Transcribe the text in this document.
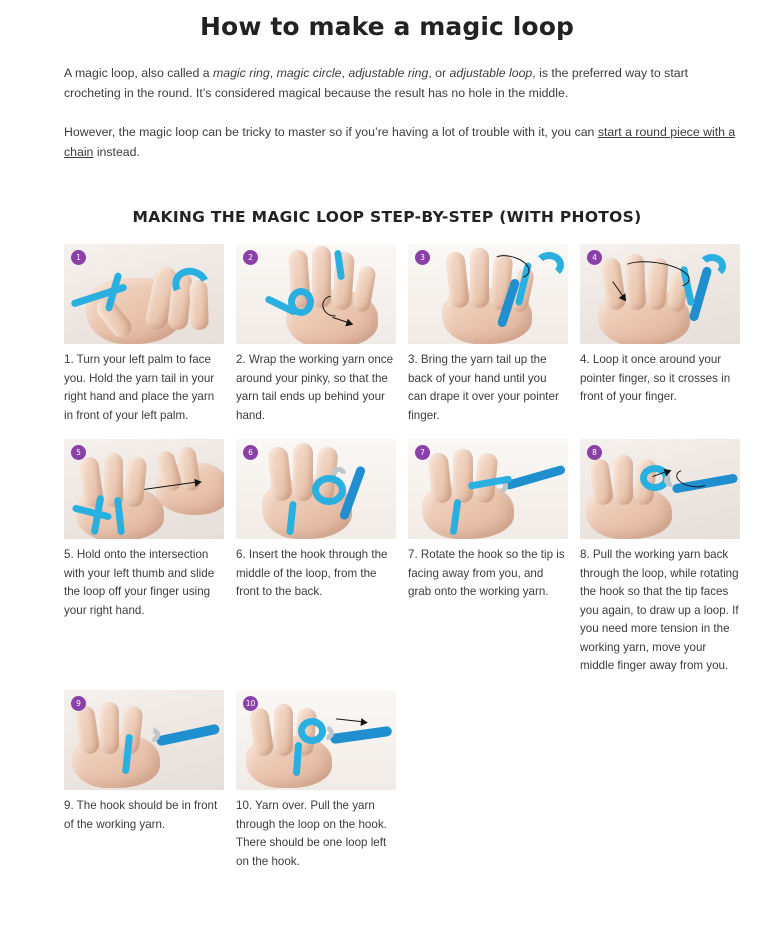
How to make a magic loop

A magic loop, also called a magic ring, magic circle, adjustable ring, or adjustable loop, is the preferred way to start crocheting in the round. It’s considered magical because the result has no hole in the middle.

However, the magic loop can be tricky to master so if you’re having a lot of trouble with it, you can start a round piece with a chain instead.

MAKING THE MAGIC LOOP STEP-BY-STEP (WITH PHOTOS)
1
1. Turn your left palm to face you. Hold the yarn tail in your right hand and place the yarn in front of your left palm.
2
2. Wrap the working yarn once around your pinky, so that the yarn tail ends up behind your hand.
3
3. Bring the yarn tail up the back of your hand until you can drape it over your pointer finger.
4
4. Loop it once around your pointer finger, so it crosses in front of your finger.
5
5. Hold onto the intersection with your left thumb and slide the loop off your finger using your right hand.
6
6. Insert the hook through the middle of the loop, from the front to the back.
7
7. Rotate the hook so the tip is facing away from you, and grab onto the working yarn.
8
8. Pull the working yarn back through the loop, while rotating the hook so that the tip faces you again, to draw up a loop. If you need more tension in the working yarn, move your middle finger away from you.
9
9. The hook should be in front of the working yarn.
10
10. Yarn over. Pull the yarn through the loop on the hook. There should be one loop left on the hook.
